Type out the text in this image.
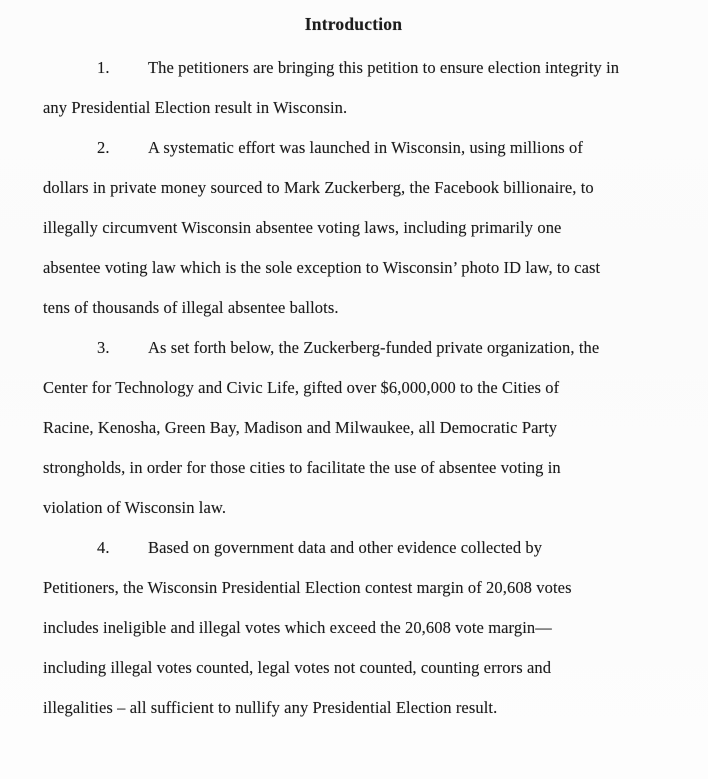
Introduction
1. The petitioners are bringing this petition to ensure election integrity in
any Presidential Election result in Wisconsin.
2. A systematic effort was launched in Wisconsin, using millions of
dollars in private money sourced to Mark Zuckerberg, the Facebook billionaire, to
illegally circumvent Wisconsin absentee voting laws, including primarily one
absentee voting law which is the sole exception to Wisconsin’ photo ID law, to cast
tens of thousands of illegal absentee ballots.
3. As set forth below, the Zuckerberg-funded private organization, the
Center for Technology and Civic Life, gifted over $6,000,000 to the Cities of
Racine, Kenosha, Green Bay, Madison and Milwaukee, all Democratic Party
strongholds, in order for those cities to facilitate the use of absentee voting in
violation of Wisconsin law.
4. Based on government data and other evidence collected by
Petitioners, the Wisconsin Presidential Election contest margin of 20,608 votes
includes ineligible and illegal votes which exceed the 20,608 vote margin—
including illegal votes counted, legal votes not counted, counting errors and
illegalities – all sufficient to nullify any Presidential Election result.
